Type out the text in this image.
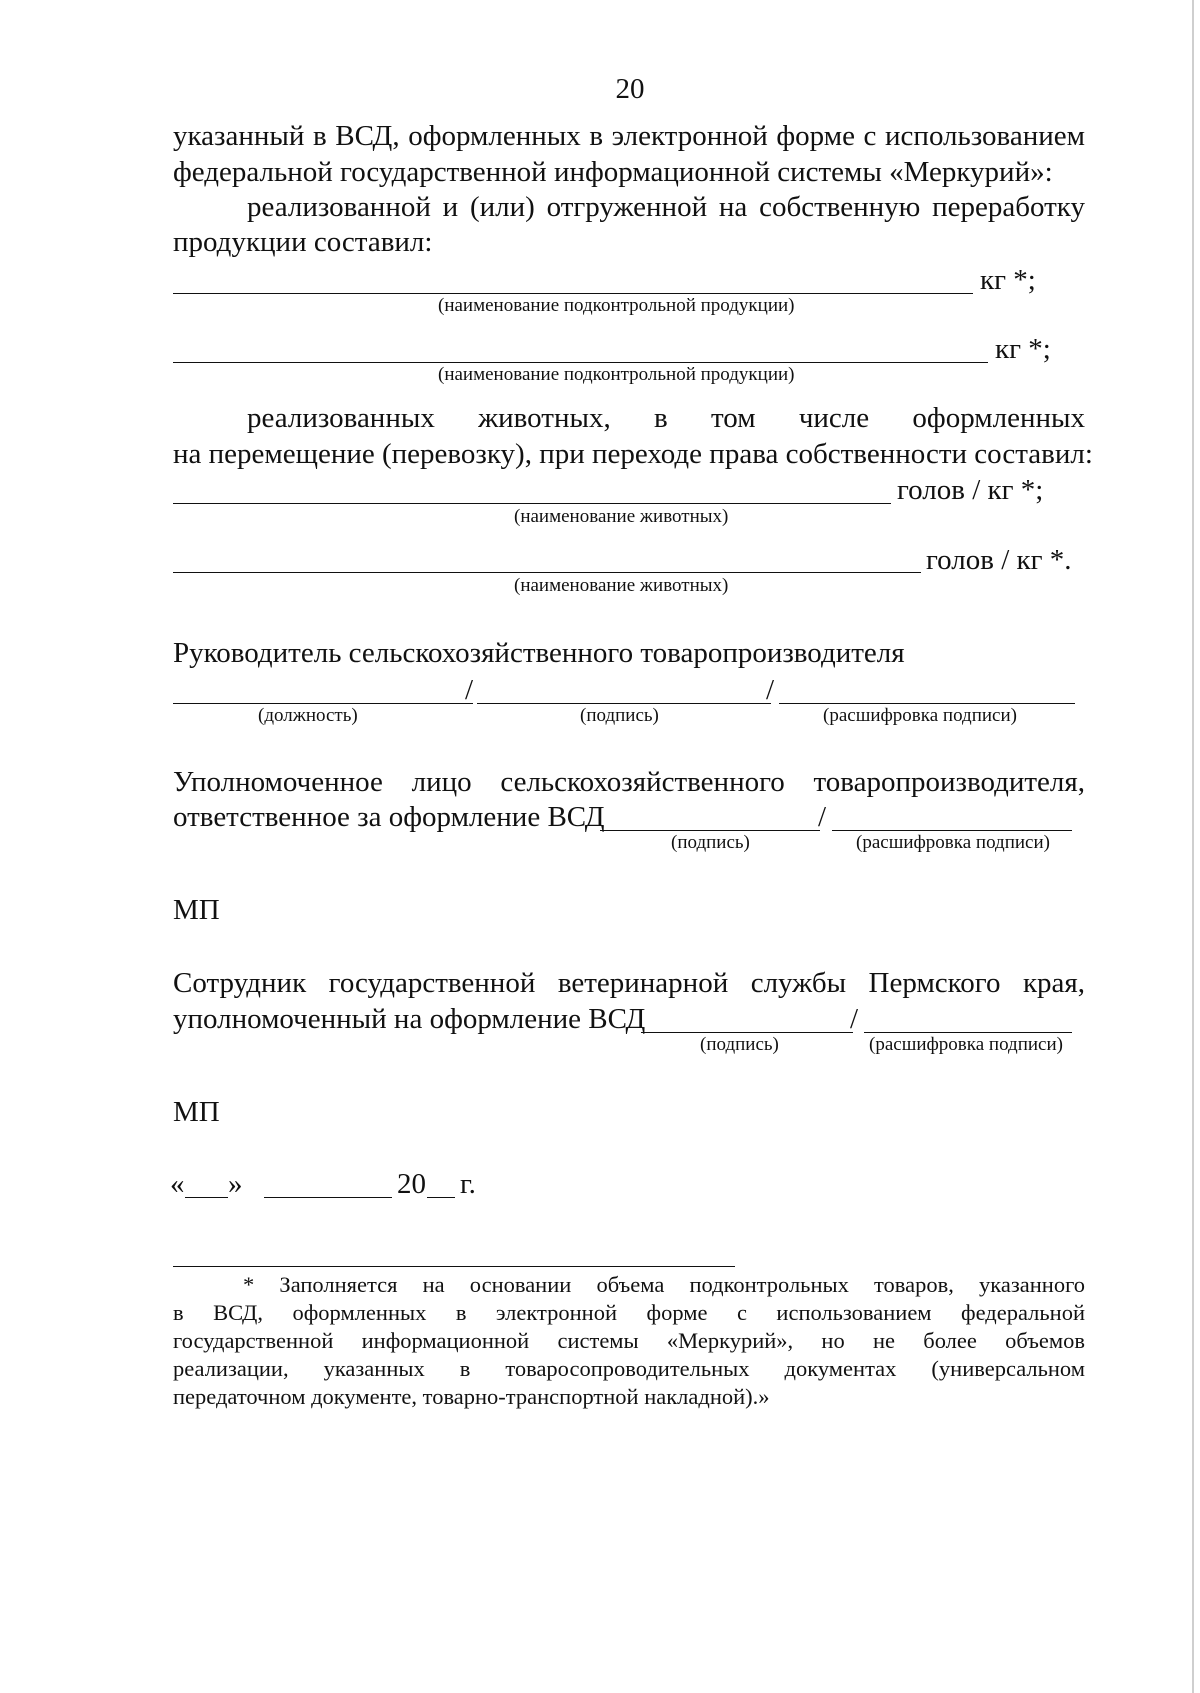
20
указанный в ВСД, оформленных в электронной форме с использованием
федеральной государственной информационной системы «Меркурий»:
реализованной и (или) отгруженной на собственную переработку
продукции составил:
кг *;
(наименование подконтрольной продукции)
кг *;
(наименование подконтрольной продукции)
реализованных животных, в том числе оформленных
на перемещение (перевозку), при переходе права собственности составил:
голов / кг *;
(наименование животных)
голов / кг *.
(наименование животных)
Руководитель сельскохозяйственного товаропроизводителя
/	/
(должность)	(подпись)	(расшифровка подписи)
Уполномоченное лицо сельскохозяйственного товаропроизводителя,
ответственное за оформление ВСД	/
(подпись)	(расшифровка подписи)
МП
Сотрудник государственной ветеринарной службы Пермского края,
уполномоченный на оформление ВСД	/
(подпись)	(расшифровка подписи)
МП
« »	20 г.
* Заполняется на основании объема подконтрольных товаров, указанного
в ВСД, оформленных в электронной форме с использованием федеральной
государственной информационной системы «Меркурий», но не более объемов
реализации, указанных в товаросопроводительных документах (универсальном
передаточном документе, товарно-транспортной накладной).»
